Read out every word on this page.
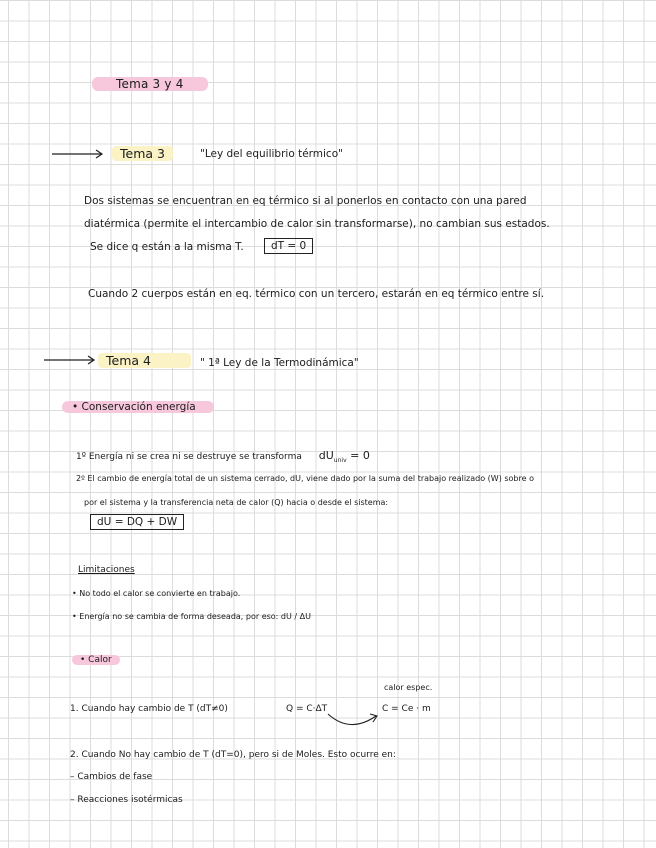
Tema 3 y 4
Tema 3	"Ley del equilibrio térmico"
Dos sistemas se encuentran en eq térmico si al ponerlos en contacto con una pared
diatérmica (permite el intercambio de calor sin transformarse), no cambian sus estados.
Se dice q están a la misma T.	dT = 0
Cuando 2 cuerpos están en eq. térmico con un tercero, estarán en eq térmico entre sí.
Tema 4	" 1ª Ley de la Termodinámica"
• Conservación energía
1º Energía ni se crea ni se destruye se transforma $dU_{univ} = 0$
2º El cambio de energía total de un sistema cerrado, dU, viene dado por la suma del trabajo realizado (W) sobre o
por el sistema y la transferencia neta de calor (Q) hacia o desde el sistema:
dU = DQ + DW
Limitaciones
• No todo el calor se convierte en trabajo.
• Energía no se cambia de forma deseada, por eso: dU / ΔU
• Calor
calor espec.
1. Cuando hay cambio de T (dT≠0)	Q = C·ΔT	C = Ce · m
2. Cuando No hay cambio de T (dT=0), pero si de Moles. Esto ocurre en:
– Cambios de fase
– Reacciones isotérmicas
